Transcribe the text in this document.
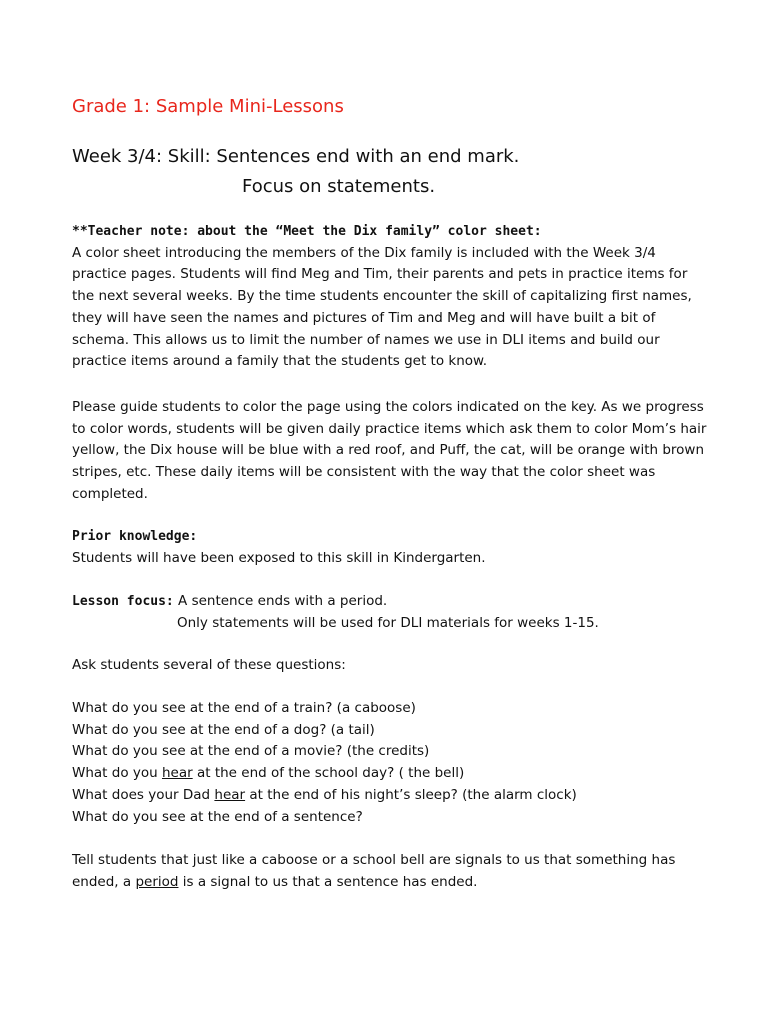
Grade 1: Sample Mini-Lessons
Week 3/4: Skill: Sentences end with an end mark.
Focus on statements.

**Teacher note: about the “Meet the Dix family” color sheet:

A color sheet introducing the members of the Dix family is included with the Week 3/4 practice pages. Students will find Meg and Tim, their parents and pets in practice items for the next several weeks. By the time students encounter the skill of capitalizing first names, they will have seen the names and pictures of Tim and Meg and will have built a bit of schema. This allows us to limit the number of names we use in DLI items and build our practice items around a family that the students get to know.

Please guide students to color the page using the colors indicated on the key. As we progress to color words, students will be given daily practice items which ask them to color Mom’s hair yellow, the Dix house will be blue with a red roof, and Puff, the cat, will be orange with brown stripes, etc. These daily items will be consistent with the way that the color sheet was completed.

Prior knowledge:

Students will have been exposed to this skill in Kindergarten.

Lesson focus: A sentence ends with a period.

Only statements will be used for DLI materials for weeks 1-15.

Ask students several of these questions:

What do you see at the end of a train? (a caboose)

What do you see at the end of a dog? (a tail)

What do you see at the end of a movie? (the credits)

What do you hear at the end of the school day? ( the bell)

What does your Dad hear at the end of his night’s sleep? (the alarm clock)

What do you see at the end of a sentence?

Tell students that just like a caboose or a school bell are signals to us that something has ended, a period is a signal to us that a sentence has ended.
